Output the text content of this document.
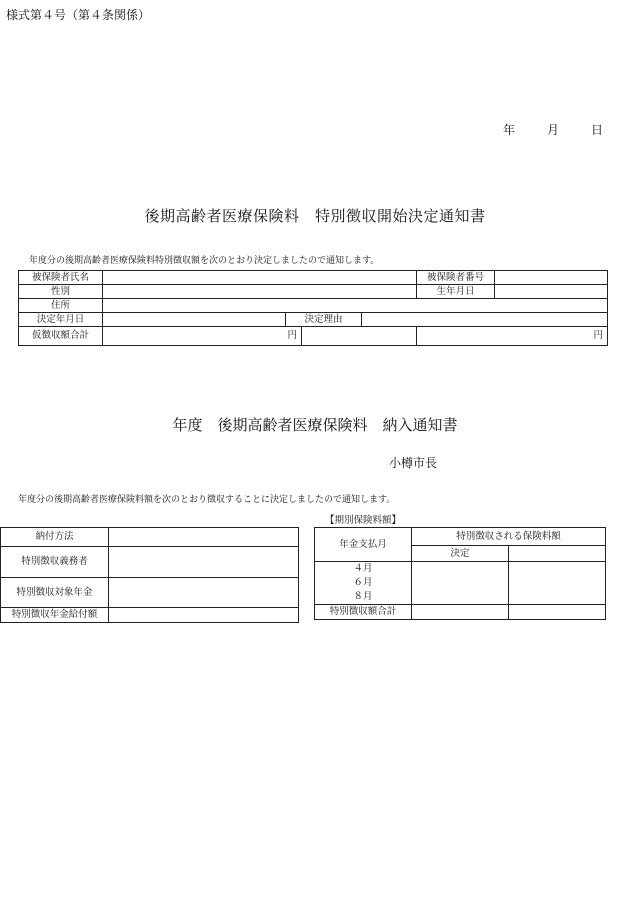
様式第４号（第４条関係）
年	月	日
後期高齢者医療保険料　特別徴収開始決定通知書
年度分の後期高齢者医療保険料特別徴収額を次のとおり決定しましたので通知します。
被保険者氏名					被保険者番号	
性別					生年月日	
住所						
決定年月日		決定理由				
仮徴収額合計	円				円	
年度　後期高齢者医療保険料　納入通知書
小樽市長
年度分の後期高齢者医療保険料額を次のとおり徴収することに決定しましたので通知します。
納付方法	
特別徴収義務者	
特別徴収対象年金	
特別徴収年金給付額	
【期別保険料額】
年金支払月	特別徴収される保険料額	
	決定	

４月
６月
８月		

特別徴収額合計		
